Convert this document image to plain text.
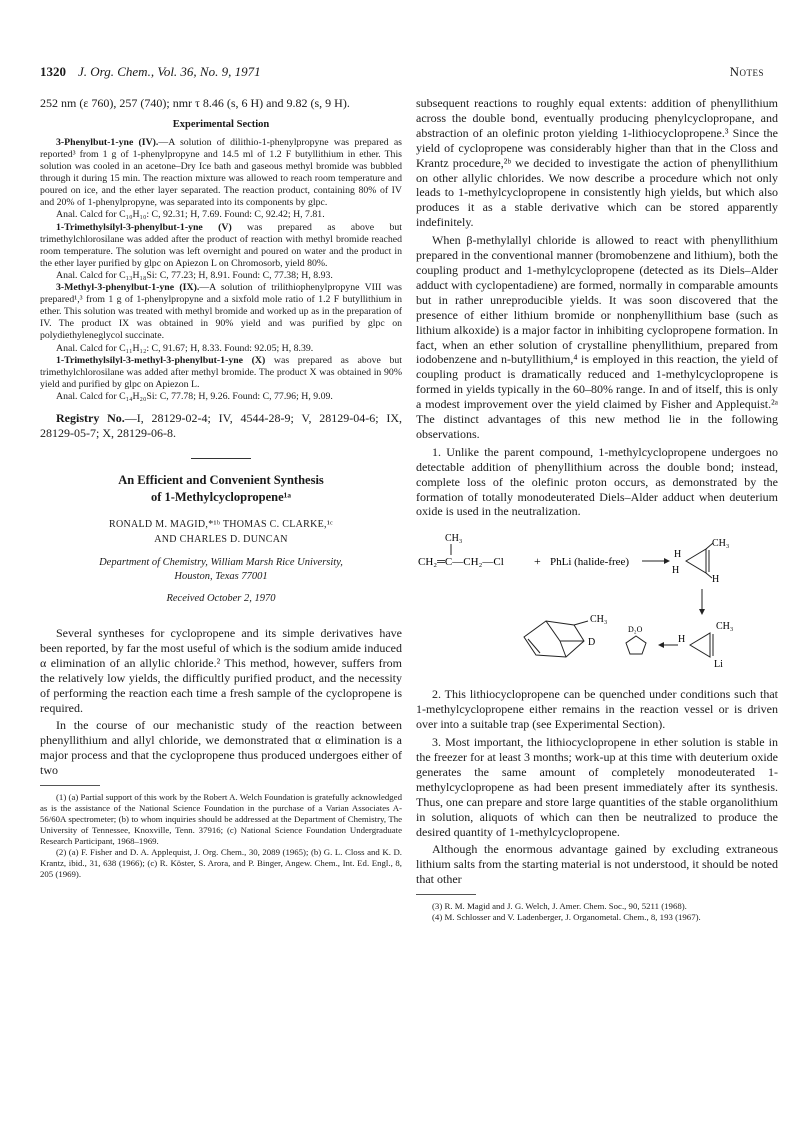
1320 J. Org. Chem., Vol. 36, No. 9, 1971	Notes

252 nm (ε 760), 257 (740); nmr τ 8.46 (s, 6 H) and 9.82 (s, 9 H).

Experimental Section

3-Phenylbut-1-yne (IV).—A solution of dilithio-1-phenylpropyne was prepared as reported³ from 1 g of 1-phenylpropyne and 14.5 ml of 1.2 F butyllithium in ether. This solution was cooled in an acetone–Dry Ice bath and gaseous methyl bromide was bubbled through it during 15 min. The reaction mixture was allowed to reach room temperature and poured on ice, and the ether layer separated. The reaction product, containing 80% of IV and 20% of 1-phenylpropyne, was separated into its components by glpc.

Anal. Calcd for C₁₀H₁₀: C, 92.31; H, 7.69. Found: C, 92.42; H, 7.81.

1-Trimethylsilyl-3-phenylbut-1-yne (V) was prepared as above but trimethylchlorosilane was added after the product of reaction with methyl bromide reached room temperature. The solution was left overnight and poured on water and the product in the ether layer purified by glpc on Apiezon L on Chromosorb, yield 80%.

Anal. Calcd for C₁₃H₁₈Si: C, 77.23; H, 8.91. Found: C, 77.38; H, 8.93.

3-Methyl-3-phenylbut-1-yne (IX).—A solution of trilithiophenylpropyne VIII was prepared¹,³ from 1 g of 1-phenylpropyne and a sixfold mole ratio of 1.2 F butyllithium in ether. This solution was treated with methyl bromide and worked up as in the preparation of IV. The product IX was obtained in 90% yield and was purified by glpc on polydiethyleneglycol succinate.

Anal. Calcd for C₁₁H₁₂: C, 91.67; H, 8.33. Found: 92.05; H, 8.39.

1-Trimethylsilyl-3-methyl-3-phenylbut-1-yne (X) was prepared as above but trimethylchlorosilane was added after methyl bromide. The product X was obtained in 90% yield and purified by glpc on Apiezon L.

Anal. Calcd for C₁₄H₂₀Si: C, 77.78; H, 9.26. Found: C, 77.96; H, 9.09.

Registry No.—I, 28129-02-4; IV, 4544-28-9; V, 28129-04-6; IX, 28129-05-7; X, 28129-06-8.

An Efficient and Convenient Synthesis
of 1-Methylcyclopropene¹ᵃ
RONALD M. MAGID,*¹ᵇ THOMAS C. CLARKE,¹ᶜ
AND CHARLES D. DUNCAN
Department of Chemistry, William Marsh Rice University,
Houston, Texas 77001
Received October 2, 1970

Several syntheses for cyclopropene and its simple derivatives have been reported, by far the most useful of which is the sodium amide induced α elimination of an allylic chloride.² This method, however, suffers from the relatively low yields, the difficultly purified product, and the necessity of performing the reaction each time a fresh sample of the cyclopropene is required.

In the course of our mechanistic study of the reaction between phenyllithium and allyl chloride, we demonstrated that α elimination is a major process and that the cyclopropene thus produced undergoes either of two

(1) (a) Partial support of this work by the Robert A. Welch Foundation is gratefully acknowledged as is the assistance of the National Science Foundation in the purchase of a Varian Associates A-56/60A spectrometer; (b) to whom inquiries should be addressed at the Department of Chemistry, The University of Tennessee, Knoxville, Tenn. 37916; (c) National Science Foundation Undergraduate Research Participant, 1968–1969.

(2) (a) F. Fisher and D. A. Applequist, J. Org. Chem., 30, 2089 (1965); (b) G. L. Closs and K. D. Krantz, ibid., 31, 638 (1966); (c) R. Köster, S. Arora, and P. Binger, Angew. Chem., Int. Ed. Engl., 8, 205 (1969).

subsequent reactions to roughly equal extents: addition of phenyllithium across the double bond, eventually producing phenylcyclopropane, and abstraction of an olefinic proton yielding 1-lithiocyclopropene.³ Since the yield of cyclopropene was considerably higher than that in the Closs and Krantz procedure,²ᵇ we decided to investigate the action of phenyllithium on other allylic chlorides. We now describe a procedure which not only leads to 1-methylcyclopropene in consistently high yields, but which also produces it as a stable derivative which can be stored apparently indefinitely.

When β-methylallyl chloride is allowed to react with phenyllithium prepared in the conventional manner (bromobenzene and lithium), both the coupling product and 1-methylcyclopropene (detected as its Diels–Alder adduct with cyclopentadiene) are formed, normally in comparable amounts but in rather unreproducible yields. It was soon discovered that the presence of either lithium bromide or nonphenyllithium base (such as lithium alkoxide) is a major factor in inhibiting cyclopropene formation. In fact, when an ether solution of crystalline phenyllithium, prepared from iodobenzene and n-butyllithium,⁴ is employed in this reaction, the yield of coupling product is dramatically reduced and 1-methylcyclopropene is formed in yields typically in the 60–80% range. In and of itself, this is only a modest improvement over the yield claimed by Fisher and Applequist.²ᵃ The distinct advantages of this new method lie in the following observations.

1. Unlike the parent compound, 1-methylcyclopropene undergoes no detectable addition of phenyllithium across the double bond; instead, complete loss of the olefinic proton occurs, as demonstrated by the formation of totally monodeuterated Diels–Alder adduct when deuterium oxide is used in the neutralization.

CH₃
CH₂═C—CH₂—Cl	+ PhLi (halide-free)
H
H
CH₃
H
CH₃
H
Li
D₂O
CH₃
D

2. This lithiocyclopropene can be quenched under conditions such that 1-methylcyclopropene either remains in the reaction vessel or is driven over into a suitable trap (see Experimental Section).

3. Most important, the lithiocyclopropene in ether solution is stable in the freezer for at least 3 months; work-up at this time with deuterium oxide generates the same amount of completely monodeuterated 1-methylcyclopropene as had been present immediately after its synthesis. Thus, one can prepare and store large quantities of the stable organolithium in solution, aliquots of which can then be neutralized to produce the desired quantity of 1-methylcyclopropene.

Although the enormous advantage gained by excluding extraneous lithium salts from the starting material is not understood, it should be noted that other

(3) R. M. Magid and J. G. Welch, J. Amer. Chem. Soc., 90, 5211 (1968).

(4) M. Schlosser and V. Ladenberger, J. Organometal. Chem., 8, 193 (1967).
